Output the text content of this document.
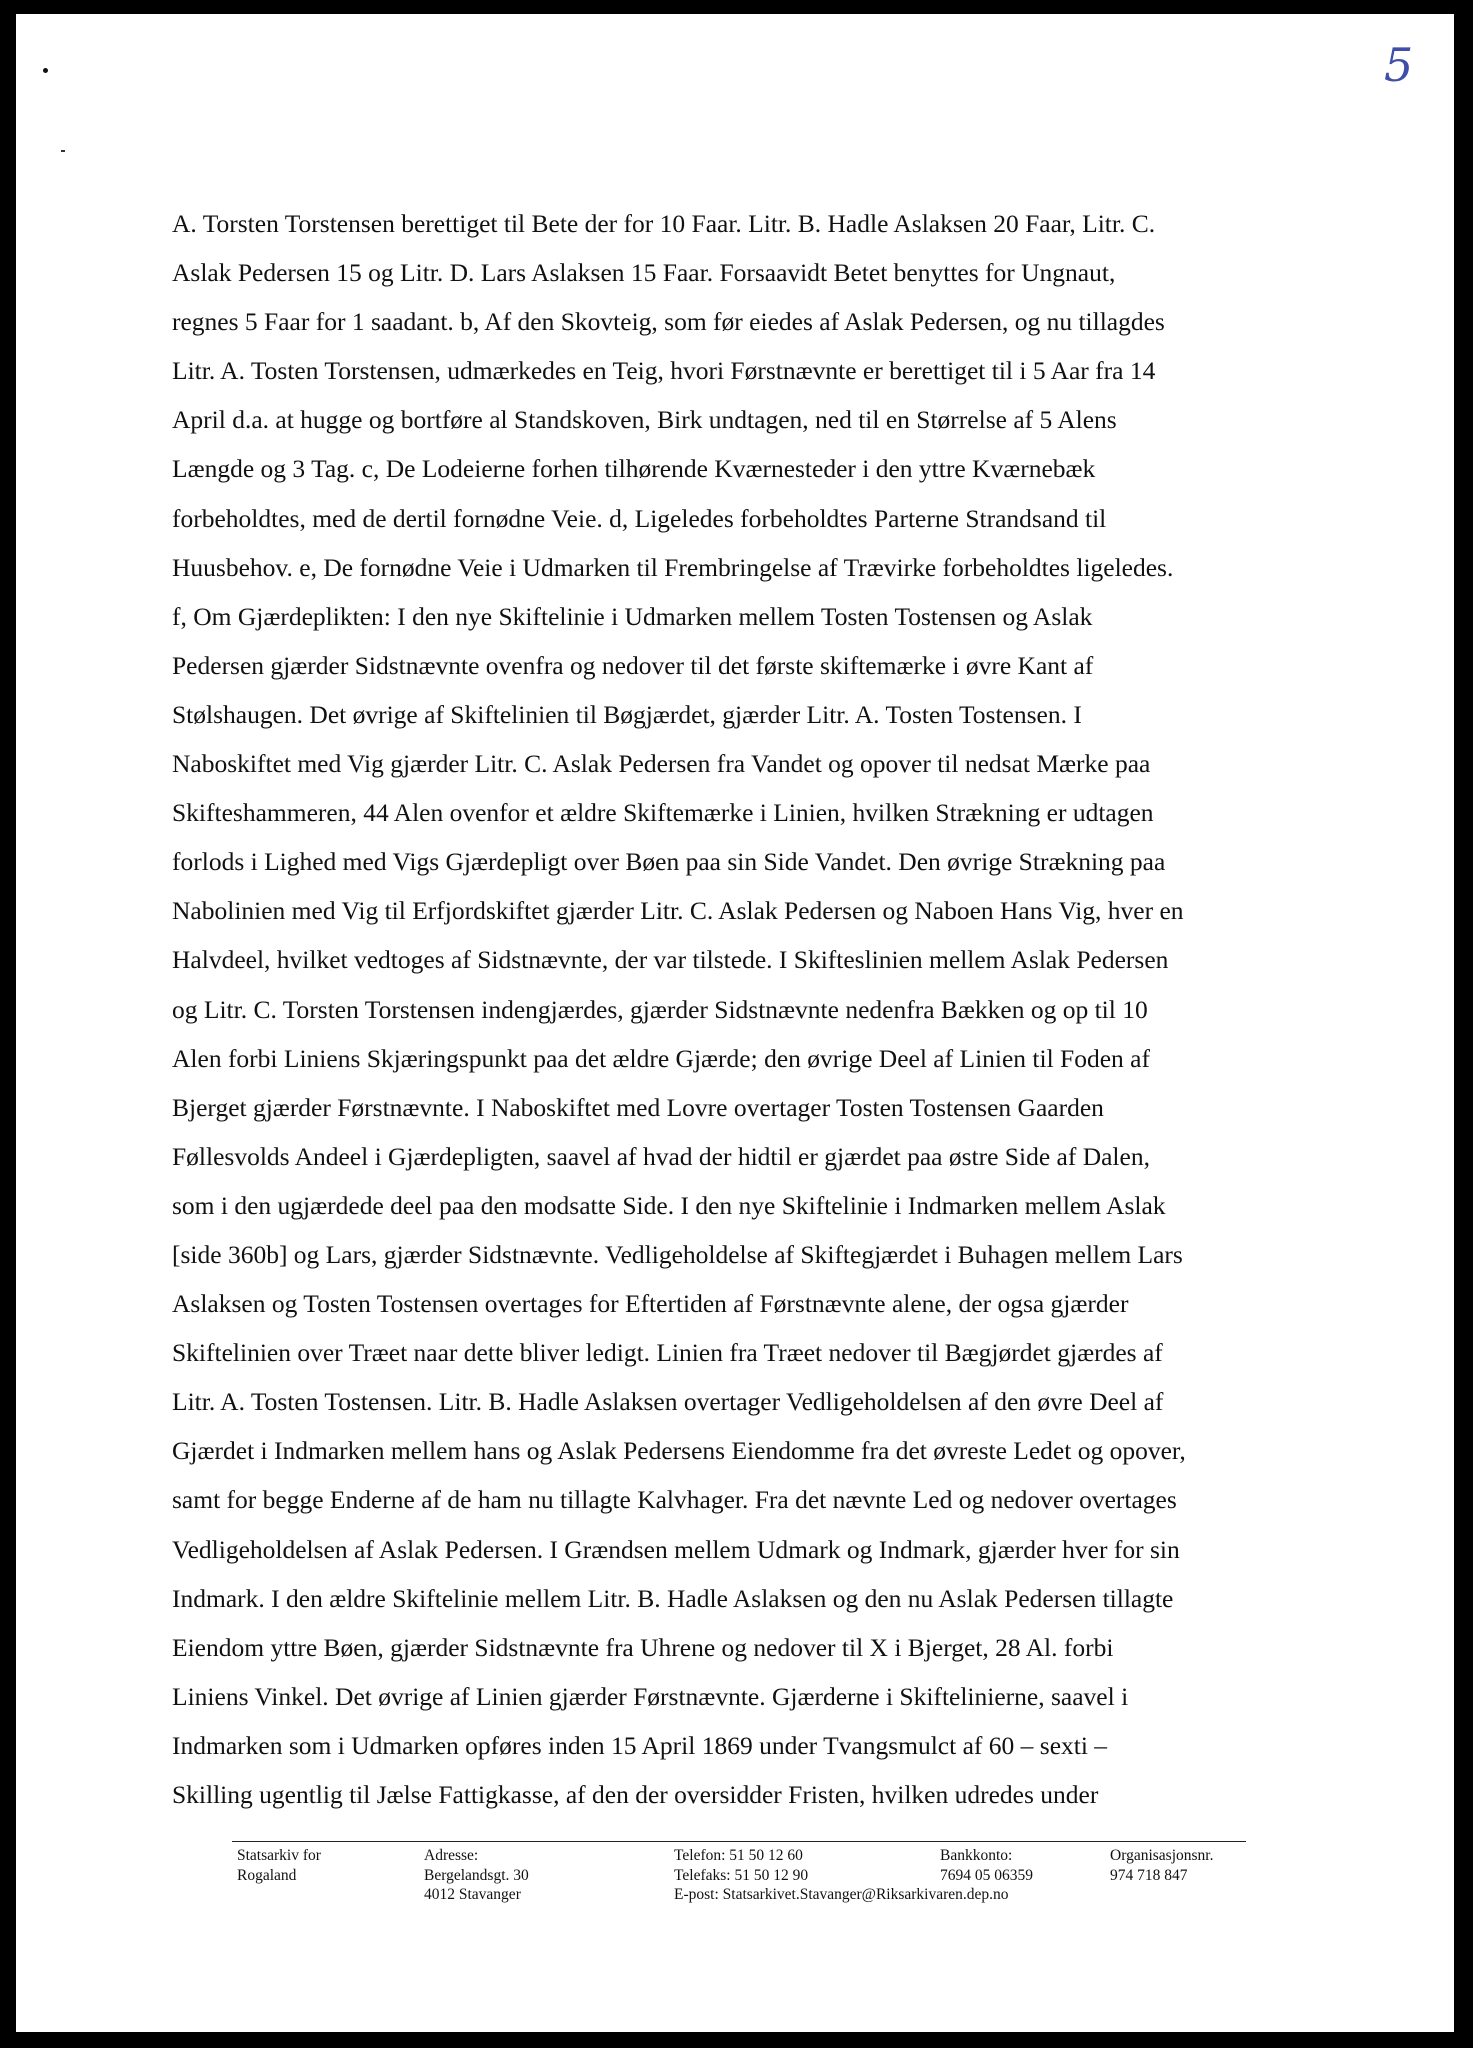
5
A. Torsten Torstensen berettiget til Bete der for 10 Faar. Litr. B. Hadle Aslaksen 20 Faar, Litr. C.
Aslak Pedersen 15 og Litr. D. Lars Aslaksen 15 Faar. Forsaavidt Betet benyttes for Ungnaut,
regnes 5 Faar for 1 saadant. b, Af den Skovteig, som før eiedes af Aslak Pedersen, og nu tillagdes
Litr. A. Tosten Torstensen, udmærkedes en Teig, hvori Førstnævnte er berettiget til i 5 Aar fra 14
April d.a. at hugge og bortføre al Standskoven, Birk undtagen, ned til en Størrelse af 5 Alens
Længde og 3 Tag. c, De Lodeierne forhen tilhørende Kværnesteder i den yttre Kværnebæk
forbeholdtes, med de dertil fornødne Veie. d, Ligeledes forbeholdtes Parterne Strandsand til
Huusbehov. e, De fornødne Veie i Udmarken til Frembringelse af Trævirke forbeholdtes ligeledes.
f, Om Gjærdeplikten: I den nye Skiftelinie i Udmarken mellem Tosten Tostensen og Aslak
Pedersen gjærder Sidstnævnte ovenfra og nedover til det første skiftemærke i øvre Kant af
Stølshaugen. Det øvrige af Skiftelinien til Bøgjærdet, gjærder Litr. A. Tosten Tostensen. I
Naboskiftet med Vig gjærder Litr. C. Aslak Pedersen fra Vandet og opover til nedsat Mærke paa
Skifteshammeren, 44 Alen ovenfor et ældre Skiftemærke i Linien, hvilken Strækning er udtagen
forlods i Lighed med Vigs Gjærdepligt over Bøen paa sin Side Vandet. Den øvrige Strækning paa
Nabolinien med Vig til Erfjordskiftet gjærder Litr. C. Aslak Pedersen og Naboen Hans Vig, hver en
Halvdeel, hvilket vedtoges af Sidstnævnte, der var tilstede. I Skifteslinien mellem Aslak Pedersen
og Litr. C. Torsten Torstensen indengjærdes, gjærder Sidstnævnte nedenfra Bækken og op til 10
Alen forbi Liniens Skjæringspunkt paa det ældre Gjærde; den øvrige Deel af Linien til Foden af
Bjerget gjærder Førstnævnte. I Naboskiftet med Lovre overtager Tosten Tostensen Gaarden
Føllesvolds Andeel i Gjærdepligten, saavel af hvad der hidtil er gjærdet paa østre Side af Dalen,
som i den ugjærdede deel paa den modsatte Side. I den nye Skiftelinie i Indmarken mellem Aslak
[side 360b] og Lars, gjærder Sidstnævnte. Vedligeholdelse af Skiftegjærdet i Buhagen mellem Lars
Aslaksen og Tosten Tostensen overtages for Eftertiden af Førstnævnte alene, der ogsa gjærder
Skiftelinien over Træet naar dette bliver ledigt. Linien fra Træet nedover til Bægjørdet gjærdes af
Litr. A. Tosten Tostensen. Litr. B. Hadle Aslaksen overtager Vedligeholdelsen af den øvre Deel af
Gjærdet i Indmarken mellem hans og Aslak Pedersens Eiendomme fra det øvreste Ledet og opover,
samt for begge Enderne af de ham nu tillagte Kalvhager. Fra det nævnte Led og nedover overtages
Vedligeholdelsen af Aslak Pedersen. I Grændsen mellem Udmark og Indmark, gjærder hver for sin
Indmark. I den ældre Skiftelinie mellem Litr. B. Hadle Aslaksen og den nu Aslak Pedersen tillagte
Eiendom yttre Bøen, gjærder Sidstnævnte fra Uhrene og nedover til X i Bjerget, 28 Al. forbi
Liniens Vinkel. Det øvrige af Linien gjærder Førstnævnte. Gjærderne i Skiftelinierne, saavel i
Indmarken som i Udmarken opføres inden 15 April 1869 under Tvangsmulct af 60 – sexti –
Skilling ugentlig til Jælse Fattigkasse, af den der oversidder Fristen, hvilken udredes under
Statsarkiv for
Rogaland
Adresse:
Bergelandsgt. 30
4012 Stavanger
Telefon: 51 50 12 60
Telefaks: 51 50 12 90
E-post: Statsarkivet.Stavanger@Riksarkivaren.dep.no
Bankkonto:
7694 05 06359
Organisasjonsnr.
974 718 847
